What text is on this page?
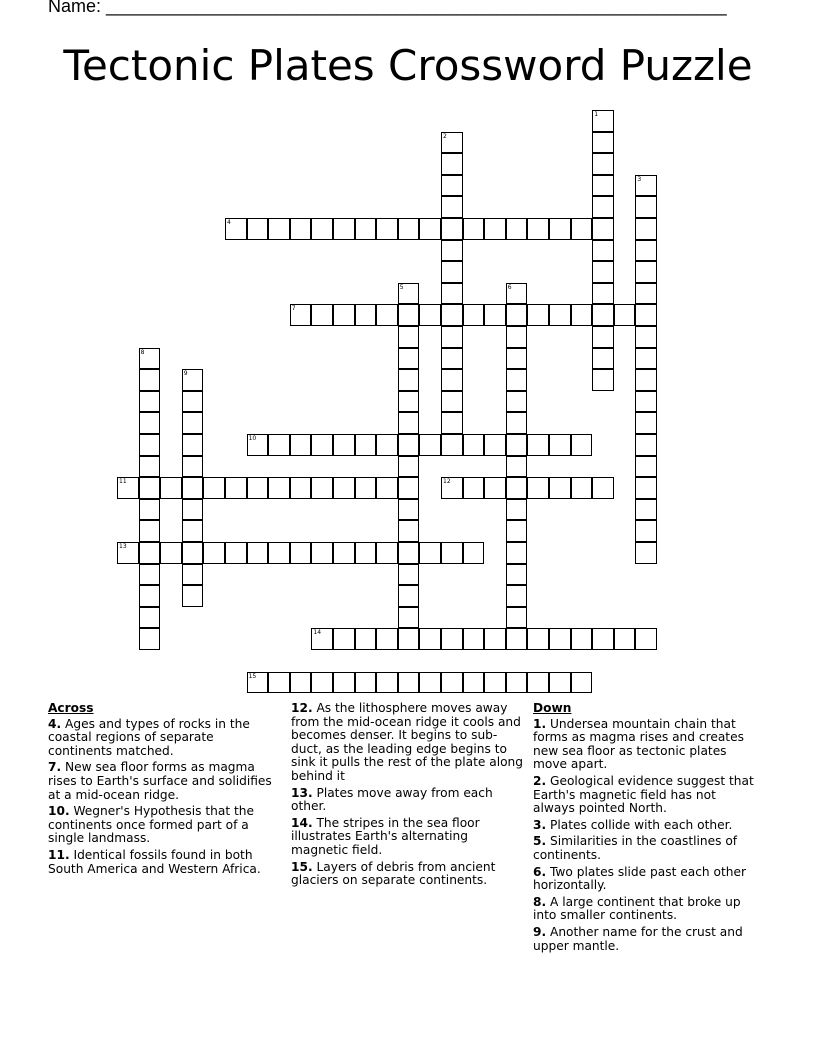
Name: ______________________________________________________________
Tectonic Plates Crossword Puzzle
1
2
3
4
5	6
7
8
9
10
11	12
13
14
15
Across
4. Ages and types of rocks in the coastal regions of separate continents matched.
7. New sea floor forms as magma rises to Earth's surface and solidifies at a mid-ocean ridge.
10. Wegner's Hypothesis that the continents once formed part of a single landmass.
11. Identical fossils found in both South America and Western Africa.
12. As the lithosphere moves away from the mid-ocean ridge it cools and becomes denser. It begins to sub-duct, as the leading edge begins to sink it pulls the rest of the plate along behind it
13. Plates move away from each other.
14. The stripes in the sea floor illustrates Earth's alternating magnetic field.
15. Layers of debris from ancient glaciers on separate continents.
Down
1. Undersea mountain chain that forms as magma rises and creates new sea floor as tectonic plates move apart.
2. Geological evidence suggest that Earth's magnetic field has not always pointed North.
3. Plates collide with each other.
5. Similarities in the coastlines of continents.
6. Two plates slide past each other horizontally.
8. A large continent that broke up into smaller continents.
9. Another name for the crust and upper mantle.
